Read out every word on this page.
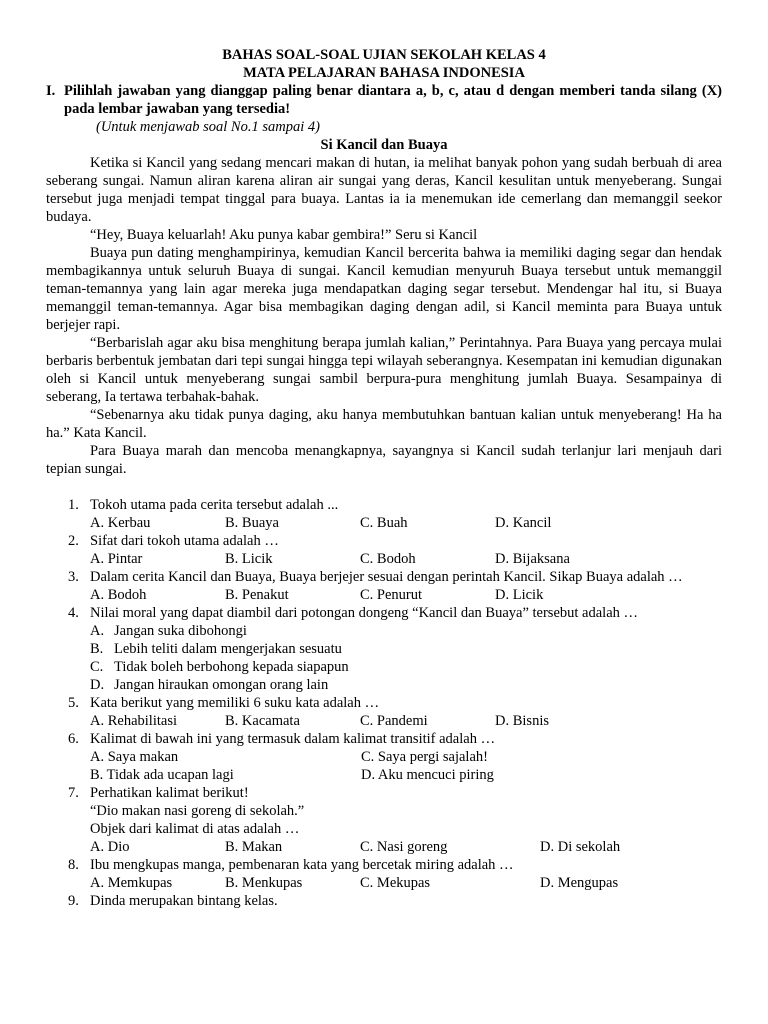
BAHAS SOAL-SOAL UJIAN SEKOLAH KELAS 4
MATA PELAJARAN BAHASA INDONESIA
I. Pilihlah jawaban yang dianggap paling benar diantara a, b, c, atau d dengan memberi tanda silang (X) pada lembar jawaban yang tersedia!
(Untuk menjawab soal No.1 sampai 4)
Si Kancil dan Buaya
Ketika si Kancil yang sedang mencari makan di hutan, ia melihat banyak pohon yang sudah berbuah di area seberang sungai. Namun aliran karena aliran air sungai yang deras, Kancil kesulitan untuk menyeberang. Sungai tersebut juga menjadi tempat tinggal para buaya. Lantas ia ia menemukan ide cemerlang dan memanggil seekor budaya.
“Hey, Buaya keluarlah! Aku punya kabar gembira!” Seru si Kancil
Buaya pun dating menghampirinya, kemudian Kancil bercerita bahwa ia memiliki daging segar dan hendak membagikannya untuk seluruh Buaya di sungai. Kancil kemudian menyuruh Buaya tersebut untuk memanggil teman-temannya yang lain agar mereka juga mendapatkan daging segar tersebut. Mendengar hal itu, si Buaya memanggil teman-temannya. Agar bisa membagikan daging dengan adil, si Kancil meminta para Buaya untuk berjejer rapi.
“Berbarislah agar aku bisa menghitung berapa jumlah kalian,” Perintahnya. Para Buaya yang percaya mulai berbaris berbentuk jembatan dari tepi sungai hingga tepi wilayah seberangnya. Kesempatan ini kemudian digunakan oleh si Kancil untuk menyeberang sungai sambil berpura-pura menghitung jumlah Buaya. Sesampainya di seberang, Ia tertawa terbahak-bahak.
“Sebenarnya aku tidak punya daging, aku hanya membutuhkan bantuan kalian untuk menyeberang! Ha ha ha.” Kata Kancil.
Para Buaya marah dan mencoba menangkapnya, sayangnya si Kancil sudah terlanjur lari menjauh dari tepian sungai.
1. Tokoh utama pada cerita tersebut adalah ...
A. Kerbau	B. Buaya	C. Buah	D. Kancil
2. Sifat dari tokoh utama adalah …
A. Pintar	B. Licik	C. Bodoh	D. Bijaksana
3. Dalam cerita Kancil dan Buaya, Buaya berjejer sesuai dengan perintah Kancil. Sikap Buaya adalah …
A. Bodoh	B. Penakut	C. Penurut	D. Licik
4. Nilai moral yang dapat diambil dari potongan dongeng “Kancil dan Buaya” tersebut adalah …
A. Jangan suka dibohongi
B. Lebih teliti dalam mengerjakan sesuatu
C. Tidak boleh berbohong kepada siapapun
D. Jangan hiraukan omongan orang lain
5. Kata berikut yang memiliki 6 suku kata adalah …
A. Rehabilitasi	B. Kacamata	C. Pandemi	D. Bisnis
6. Kalimat di bawah ini yang termasuk dalam kalimat transitif adalah …
A. Saya makan	C. Saya pergi sajalah!
B. Tidak ada ucapan lagi	D. Aku mencuci piring
7. Perhatikan kalimat berikut!
“Dio makan nasi goreng di sekolah.”
Objek dari kalimat di atas adalah …
A. Dio	B. Makan	C. Nasi goreng	D. Di sekolah
8. Ibu mengkupas manga, pembenaran kata yang bercetak miring adalah …
A. Memkupas	B. Menkupas	C. Mekupas	D. Mengupas
9. Dinda merupakan bintang kelas.
